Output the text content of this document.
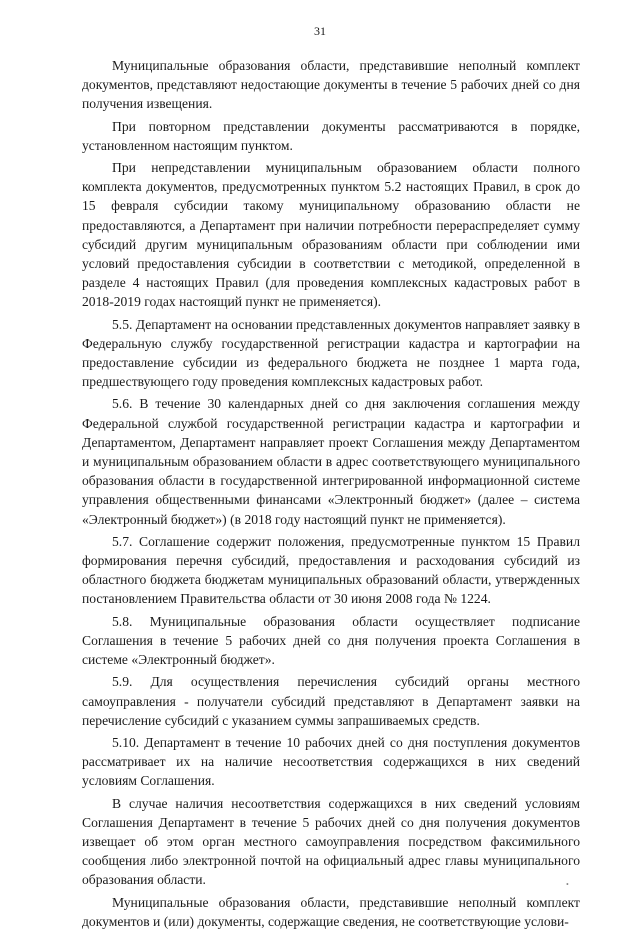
31

Муниципальные образования области, представившие неполный комплект документов, представляют недостающие документы в течение 5 рабочих дней со дня получения извещения.

При повторном представлении документы рассматриваются в порядке, установленном настоящим пунктом.

При непредставлении муниципальным образованием области полного комплекта документов, предусмотренных пунктом 5.2 настоящих Правил, в срок до 15 февраля субсидии такому муниципальному образованию области не предоставляются, а Департамент при наличии потребности перераспределяет сумму субсидий другим муниципальным образованиям области при соблюдении ими условий предоставления субсидии в соответствии с методикой, определенной в разделе 4 настоящих Правил (для проведения комплексных кадастровых работ в 2018-2019 годах настоящий пункт не применяется).

5.5. Департамент на основании представленных документов направляет заявку в Федеральную службу государственной регистрации кадастра и картографии на предоставление субсидии из федерального бюджета не позднее 1 марта года, предшествующего году проведения комплексных кадастровых работ.

5.6. В течение 30 календарных дней со дня заключения соглашения между Федеральной службой государственной регистрации кадастра и картографии и Департаментом, Департамент направляет проект Соглашения между Департаментом и муниципальным образованием области в адрес соответствующего муниципального образования области в государственной интегрированной информационной системе управления общественными финансами «Электронный бюджет» (далее – система «Электронный бюджет») (в 2018 году настоящий пункт не применяется).

5.7. Соглашение содержит положения, предусмотренные пунктом 15 Правил формирования перечня субсидий, предоставления и расходования субсидий из областного бюджета бюджетам муниципальных образований области, утвержденных постановлением Правительства области от 30 июня 2008 года № 1224.

5.8. Муниципальные образования области осуществляет подписание Соглашения в течение 5 рабочих дней со дня получения проекта Соглашения в системе «Электронный бюджет».

5.9. Для осуществления перечисления субсидий органы местного самоуправления - получатели субсидий представляют в Департамент заявки на перечисление субсидий с указанием суммы запрашиваемых средств.

5.10. Департамент в течение 10 рабочих дней со дня поступления документов рассматривает их на наличие несоответствия содержащихся в них сведений условиям Соглашения.

В случае наличия несоответствия содержащихся в них сведений условиям Соглашения Департамент в течение 5 рабочих дней со дня получения документов извещает об этом орган местного самоуправления посредством факсимильного сообщения либо электронной почтой на официальный адрес главы муниципального образования области.

Муниципальные образования области, представившие неполный комплект документов и (или) документы, содержащие сведения, не соответствующие услови-

•
